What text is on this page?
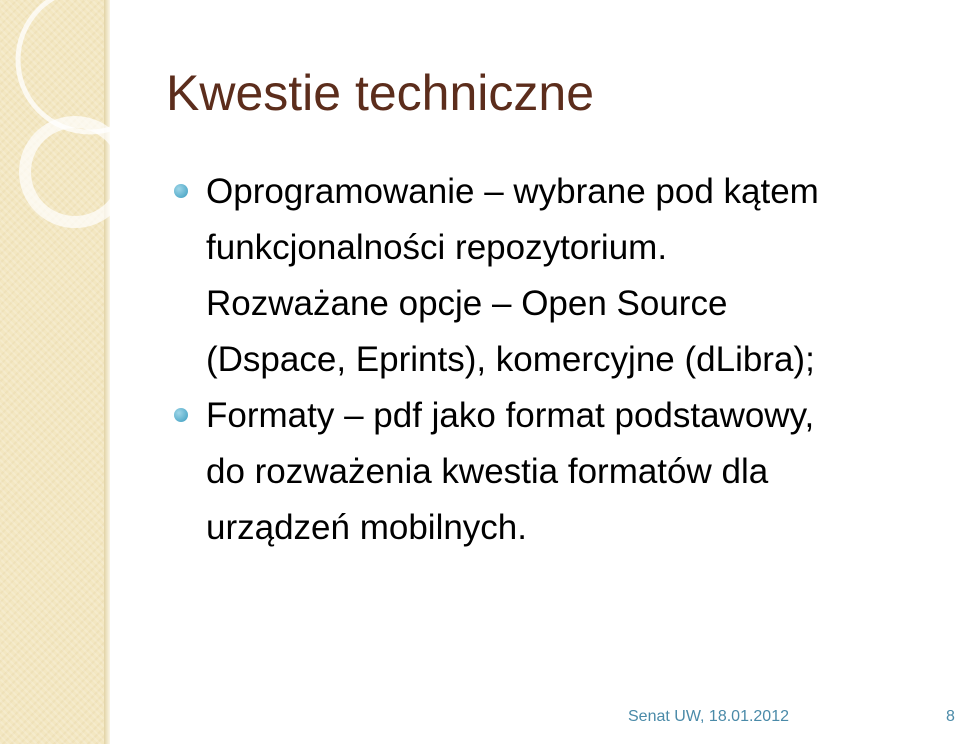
Kwestie techniczne
Oprogramowanie – wybrane pod kątem
funkcjonalności repozytorium.
Rozważane opcje – Open Source
(Dspace, Eprints), komercyjne (dLibra);
Formaty – pdf jako format podstawowy,
do rozważenia kwestia formatów dla
urządzeń mobilnych.

Senat UW, 18.01.2012	8
